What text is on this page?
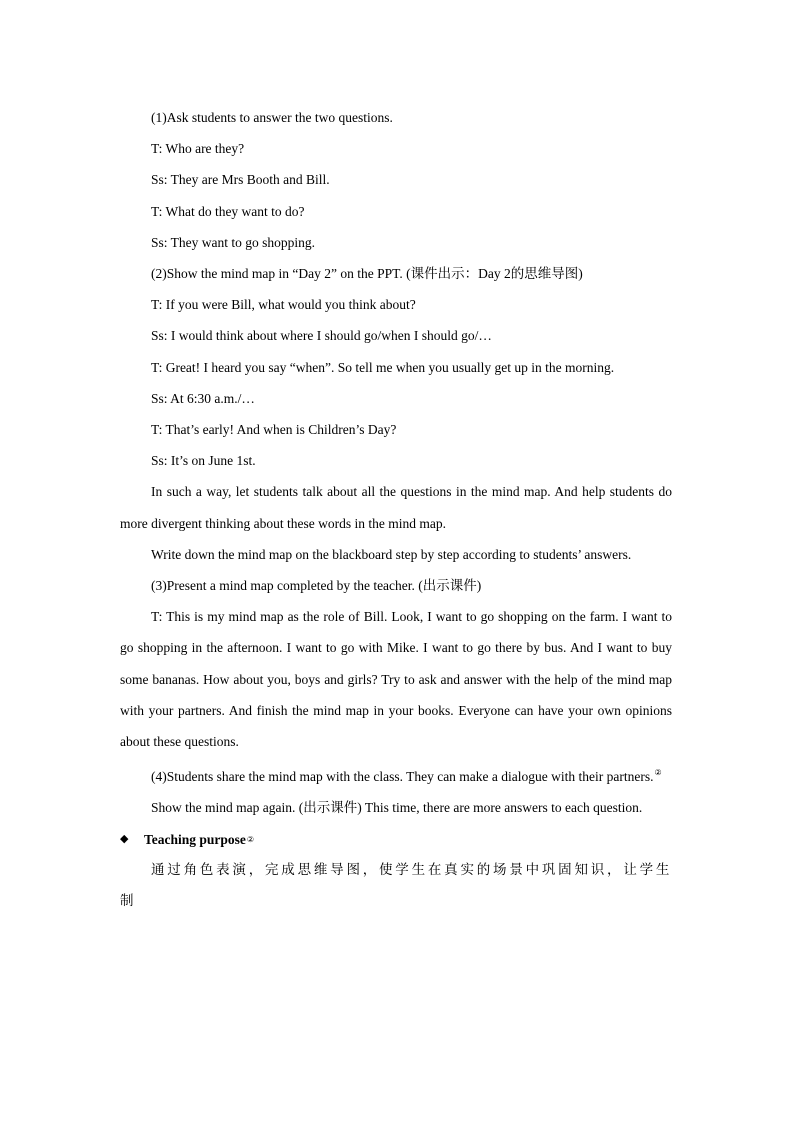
(1)Ask students to answer the two questions.

T: Who are they?

Ss: They are Mrs Booth and Bill.

T: What do they want to do?

Ss: They want to go shopping.

(2)Show the mind map in “Day 2” on the PPT. (课件出示：Day 2的思维导图)

T: If you were Bill, what would you think about?

Ss: I would think about where I should go/when I should go/…

T: Great! I heard you say “when”. So tell me when you usually get up in the morning.

Ss: At 6:30 a.m./…

T: That’s early! And when is Children’s Day?

Ss: It’s on June 1st.

In such a way, let students talk about all the questions in the mind map. And help students do more divergent thinking about these words in the mind map.

Write down the mind map on the blackboard step by step according to students’ answers.

(3)Present a mind map completed by the teacher. (出示课件)

T: This is my mind map as the role of Bill. Look, I want to go shopping on the farm. I want to go shopping in the afternoon. I want to go with Mike. I want to go there by bus. And I want to buy some bananas. How about you, boys and girls? Try to ask and answer with the help of the mind map with your partners. And finish the mind map in your books. Everyone can have your own opinions about these questions.

(4)Students share the mind map with the class. They can make a dialogue with their partners.②

Show the mind map again. (出示课件) This time, there are more answers to each question.

◆	Teaching purpose ②

通过角色表演，完成思维导图，使学生在真实的场景中巩固知识，让学生制
